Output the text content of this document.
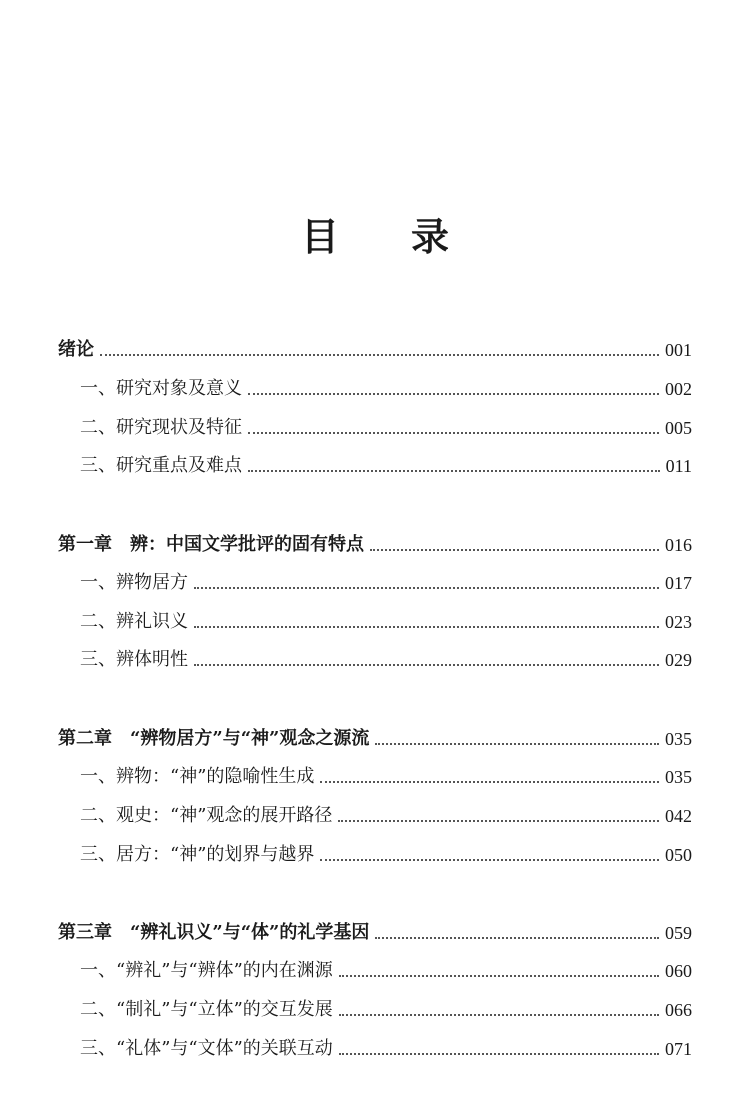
目 录
绪论	001
一、研究对象及意义	002
二、研究现状及特征	005
三、研究重点及难点	011
第一章　辨：中国文学批评的固有特点	016
一、辨物居方	017
二、辨礼识义	023
三、辨体明性	029
第二章　“辨物居方”与“神”观念之源流	035
一、辨物：“神”的隐喻性生成	035
二、观史：“神”观念的展开路径	042
三、居方：“神”的划界与越界	050
第三章　“辨礼识义”与“体”的礼学基因	059
一、“辨礼”与“辨体”的内在渊源	060
二、“制礼”与“立体”的交互发展	066
三、“礼体”与“文体”的关联互动	071
